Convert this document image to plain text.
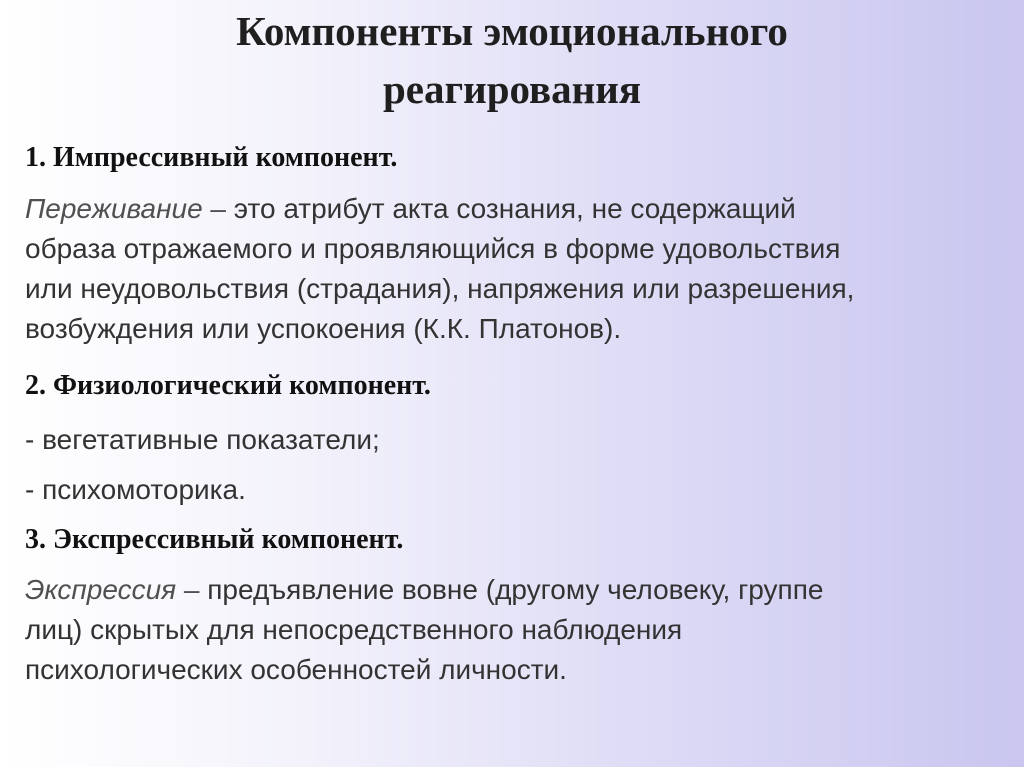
Компоненты эмоционального
реагирования
1. Импрессивный компонент.
Переживание – это атрибут акта сознания, не содержащий
образа отражаемого и проявляющийся в форме удовольствия
или неудовольствия (страдания), напряжения или разрешения,
возбуждения или успокоения (К.К. Платонов).
2. Физиологический компонент.
- вегетативные показатели;
- психомоторика.
3. Экспрессивный компонент.
Экспрессия – предъявление вовне (другому человеку, группе
лиц) скрытых для непосредственного наблюдения
психологических особенностей личности.
